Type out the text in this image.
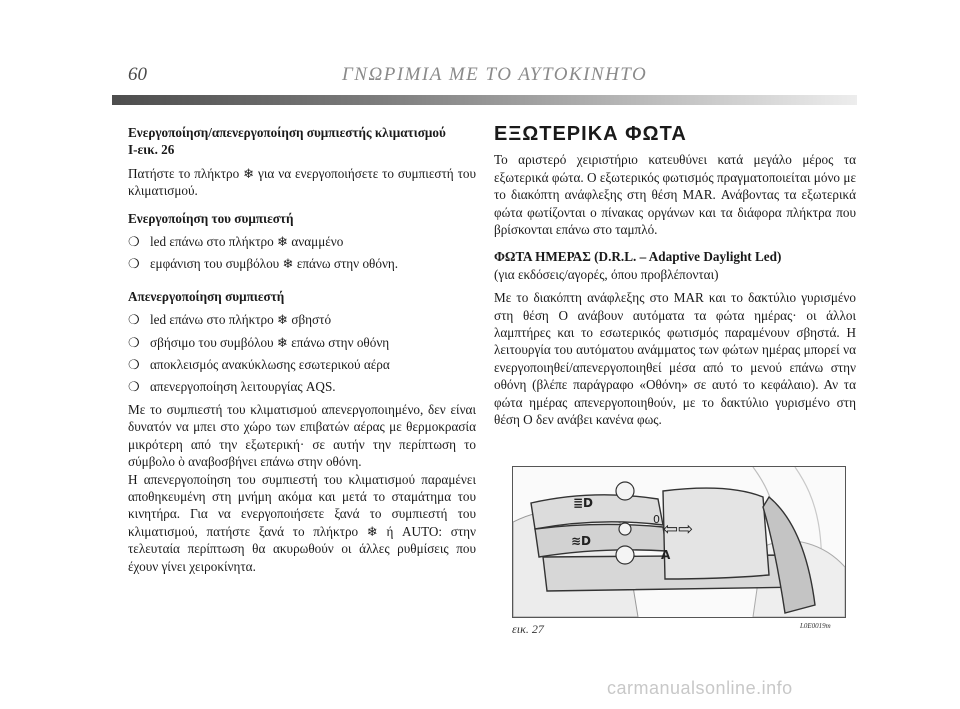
60	ΓΝΩΡΙΜΙΑ ΜΕ ΤΟ ΑΥΤΟΚΙΝΗΤΟ

Ενεργοποίηση/απενεργοποίηση συμπιεστής κλιματισμού

Ι-εικ. 26

Πατήστε το πλήκτρο ❄ για να ενεργοποιήσετε το συμπιεστή του κλιματισμού.

Ενεργοποίηση του συμπιεστή

❍ led επάνω στο πλήκτρο ❄ αναμμένο
❍ εμφάνιση του συμβόλου ❄ επάνω στην οθόνη.

Απενεργοποίηση συμπιεστή

❍ led επάνω στο πλήκτρο ❄ σβηστό
❍ σβήσιμο του συμβόλου ❄ επάνω στην οθόνη
❍ αποκλεισμός ανακύκλωσης εσωτερικού αέρα
❍ απενεργοποίηση λειτουργίας AQS.

Με το συμπιεστή του κλιματισμού απενεργοποιημένο, δεν είναι δυνατόν να μπει στο χώρο των επιβατών αέρας με θερμοκρασία μικρότερη από την εξωτερική· σε αυτήν την περίπτωση το σύμβολο ὸ αναβοσβήνει επάνω στην οθόνη.

Η απενεργοποίηση του συμπιεστή του κλιματισμού παραμένει αποθηκευμένη στη μνήμη ακόμα και μετά το σταμάτημα του κινητήρα. Για να ενεργοποιήσετε ξανά το συμπιεστή του κλιματισμού, πατήστε ξανά το πλήκτρο ❄ ή AUTO: στην τελευταία περίπτωση θα ακυρωθούν οι άλλες ρυθμίσεις που έχουν γίνει χειροκίνητα.

ΕΞΩΤΕΡΙΚΑ ΦΩΤΑ

Το αριστερό χειριστήριο κατευθύνει κατά μεγάλο μέρος τα εξωτερικά φώτα. Ο εξωτερικός φωτισμός πραγματοποιείται μόνο με το διακόπτη ανάφλεξης στη θέση MAR. Ανάβοντας τα εξωτερικά φώτα φωτίζονται ο πίνακας οργάνων και τα διάφορα πλήκτρα που βρίσκονται επάνω στο ταμπλό.

ΦΩΤΑ ΗΜΕΡΑΣ (D.R.L. – Adaptive Daylight Led)

(για εκδόσεις/αγορές, όπου προβλέπονται)

Με το διακόπτη ανάφλεξης στο MAR και το δακτύλιο γυρισμένο στη θέση Ο ανάβουν αυτόματα τα φώτα ημέρας· οι άλλοι λαμπτήρες και το εσωτερικός φωτισμός παραμένουν σβηστά. Η λειτουργία του αυτόματου ανάμματος των φώτων ημέρας μπορεί να ενεργοποιηθεί/απενεργοποιηθεί μέσα από το μενού επάνω στην οθόνη (βλέπε παράγραφο «Οθόνη» σε αυτό το κεφάλαιο). Αν τα φώτα ημέρας απενεργοποιηθούν, με το δακτύλιο γυρισμένο στη θέση Ο δεν ανάβει κανένα φως.

≣D
≋D
0 ⇦⇨
A
εικ. 27	L0E0019m
carmanualsonline.info
